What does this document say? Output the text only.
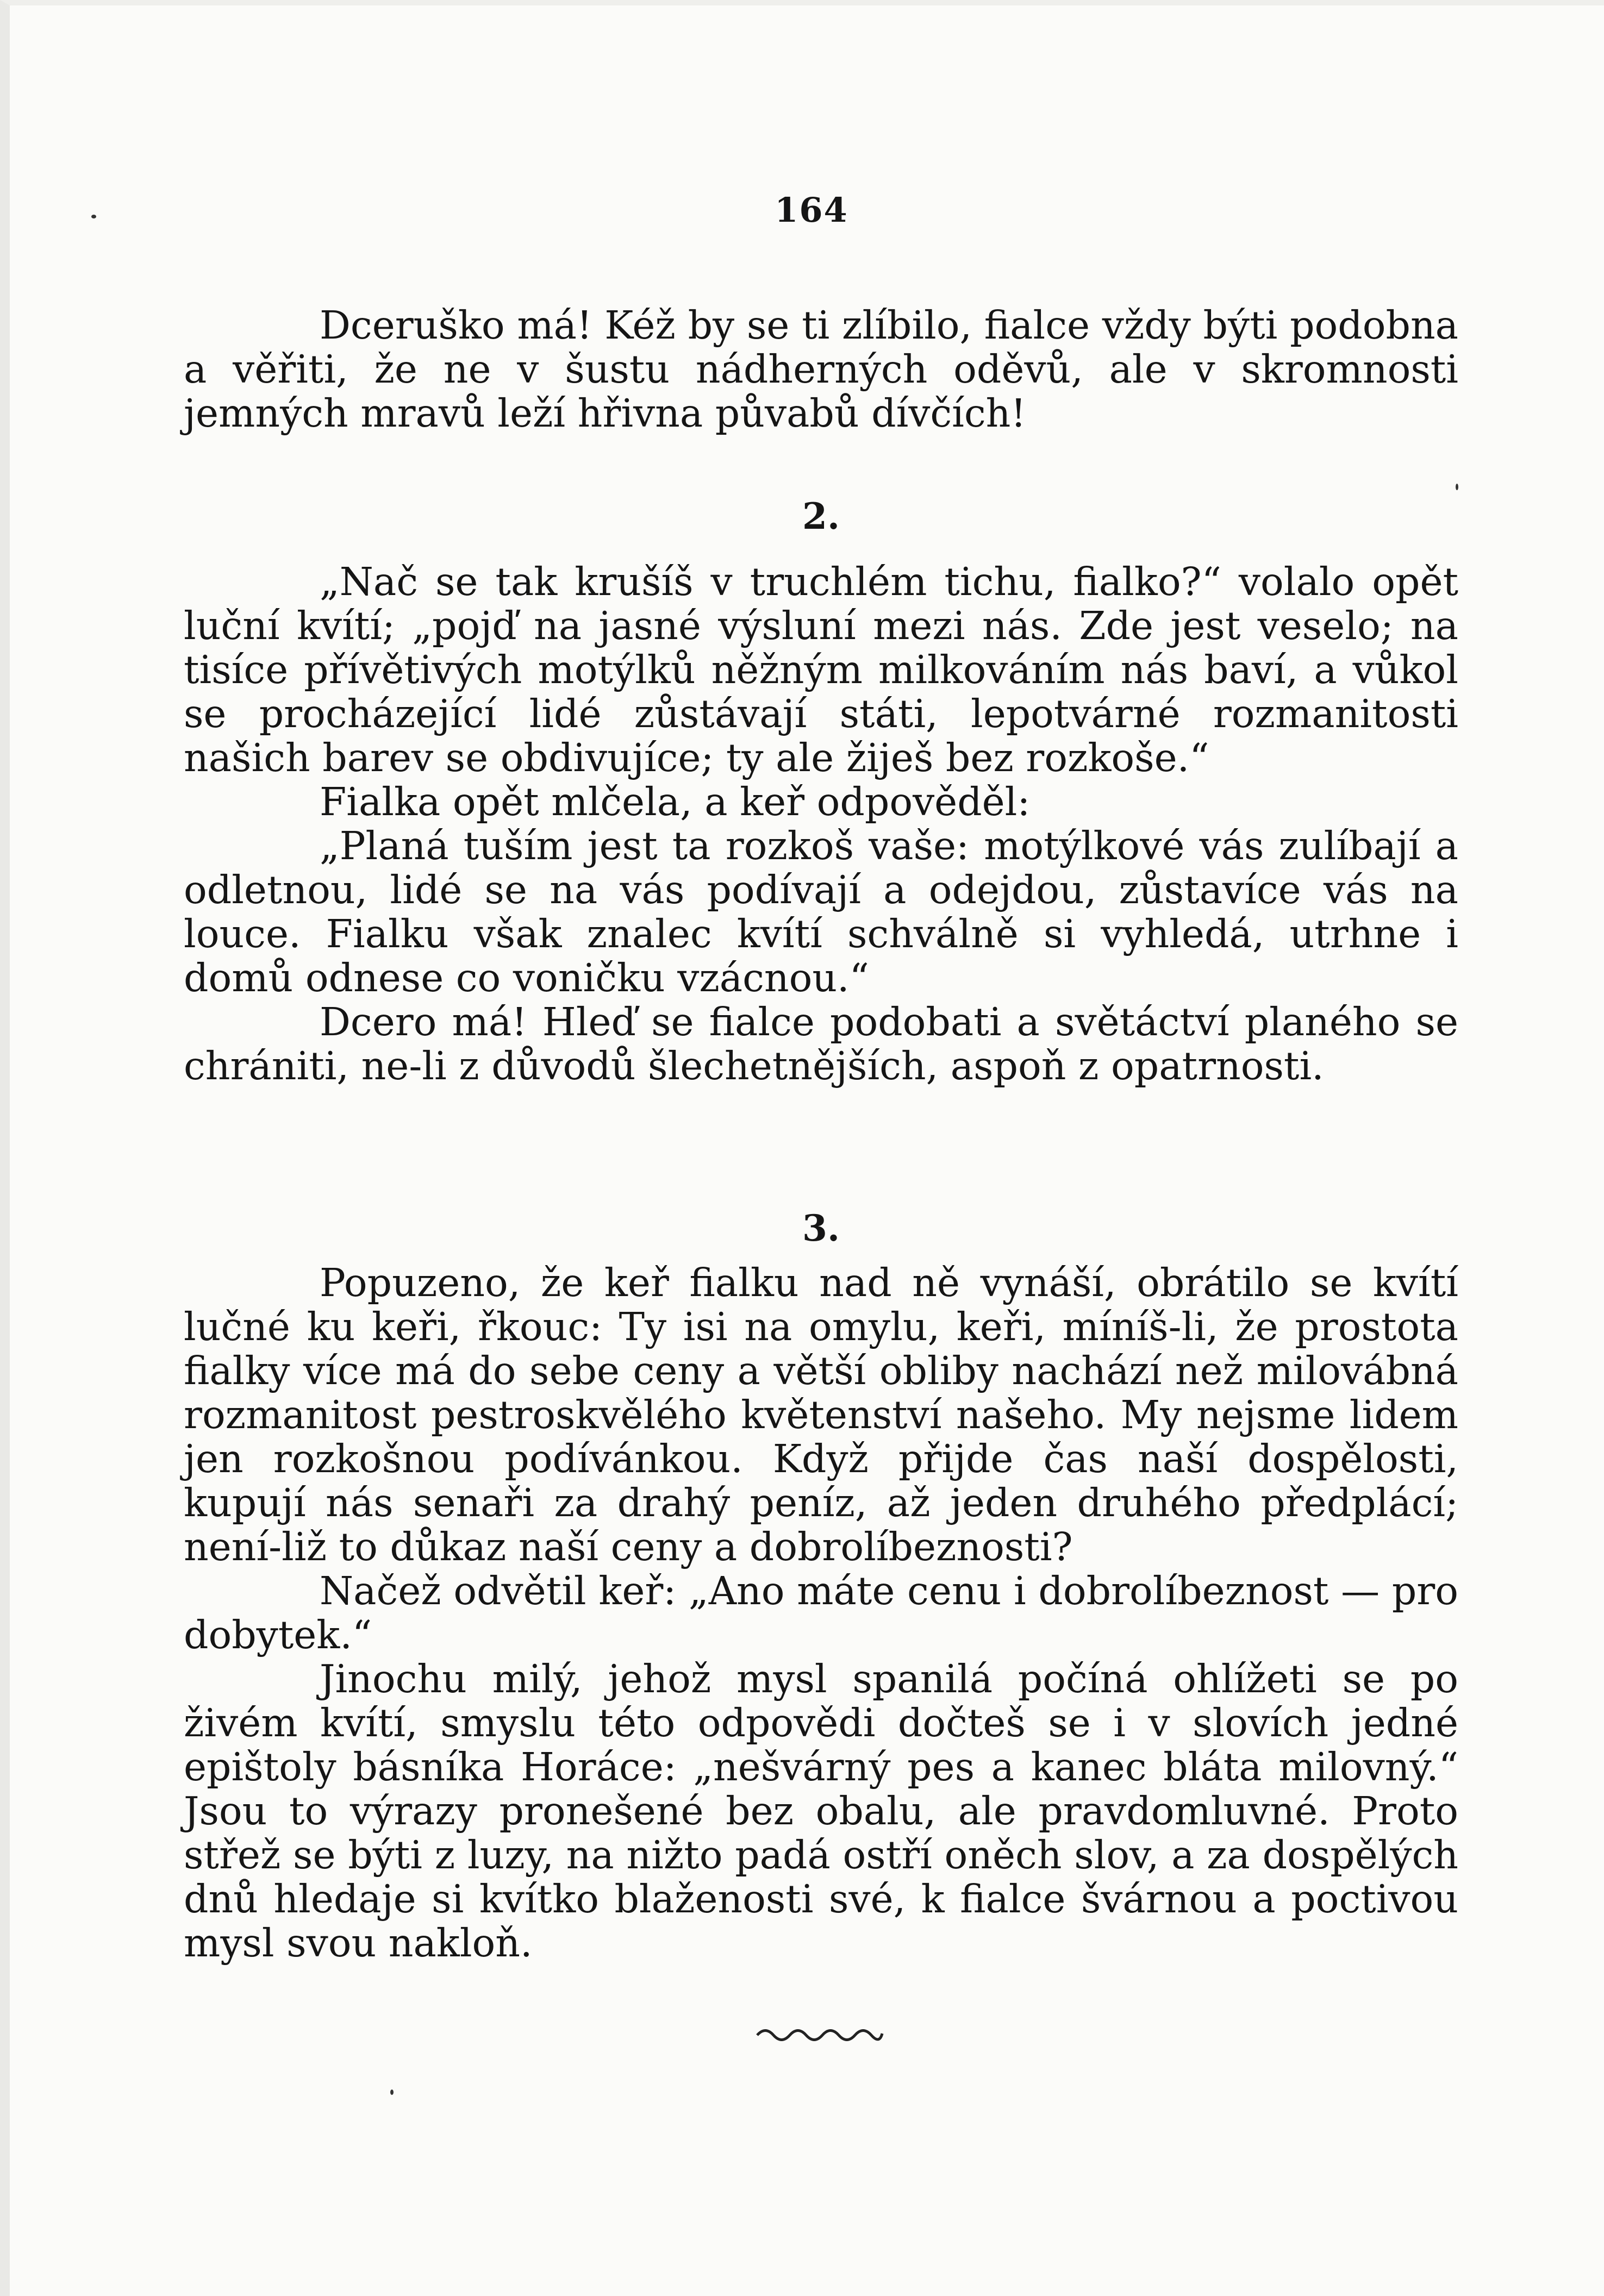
164

Dceruško má! Kéž by se ti zlíbilo, fialce vždy býti podobna a věřiti, že ne v šustu nádherných oděvů, ale v skromnosti jemných mravů leží hřivna půvabů dívčích!

2.

„Nač se tak krušíš v truchlém tichu, fialko?“ volalo opět luční kvítí; „pojď na jasné výsluní mezi nás. Zde jest veselo; na tisíce přívětivých motýlků něžným milkováním nás baví, a vůkol se procházející lidé zůstávají státi, lepotvárné rozmanitosti našich barev se obdivujíce; ty ale žiješ bez rozkoše.“

Fialka opět mlčela, a keř odpověděl:

„Planá tuším jest ta rozkoš vaše: motýlkové vás zulíbají a odletnou, lidé se na vás podívají a odejdou, zůstavíce vás na louce. Fialku však znalec kvítí schválně si vyhledá, utrhne i domů odnese co voničku vzácnou.“

Dcero má! Hleď se fialce podobati a světáctví planého se chrániti, ne-li z důvodů šlechetnějších, aspoň z opatrnosti.

3.

Popuzeno, že keř fialku nad ně vynáší, obrátilo se kvítí lučné ku keři, řkouc: Ty isi na omylu, keři, míníš-li, že prostota fialky více má do sebe ceny a větší obliby nachází než milovábná rozmanitost pestroskvělého květenství našeho. My nejsme lidem jen rozkošnou podívánkou. Když přijde čas naší dospělosti, kupují nás senaři za drahý peníz, až jeden druhého předplácí; není-liž to důkaz naší ceny a dobrolíbeznosti?

Načež odvětil keř: „Ano máte cenu i dobrolíbeznost — pro dobytek.“

Jinochu milý, jehož mysl spanilá počíná ohlížeti se po živém kvítí, smyslu této odpovědi dočteš se i v slovích jedné epištoly básníka Horáce: „nešvárný pes a kanec bláta milovný.“ Jsou to výrazy pronešené bez obalu, ale pravdomluvné. Proto střež se býti z luzy, na nižto padá ostří oněch slov, a za dospělých dnů hledaje si kvítko blaženosti své, k fialce švárnou a poctivou mysl svou nakloň.
